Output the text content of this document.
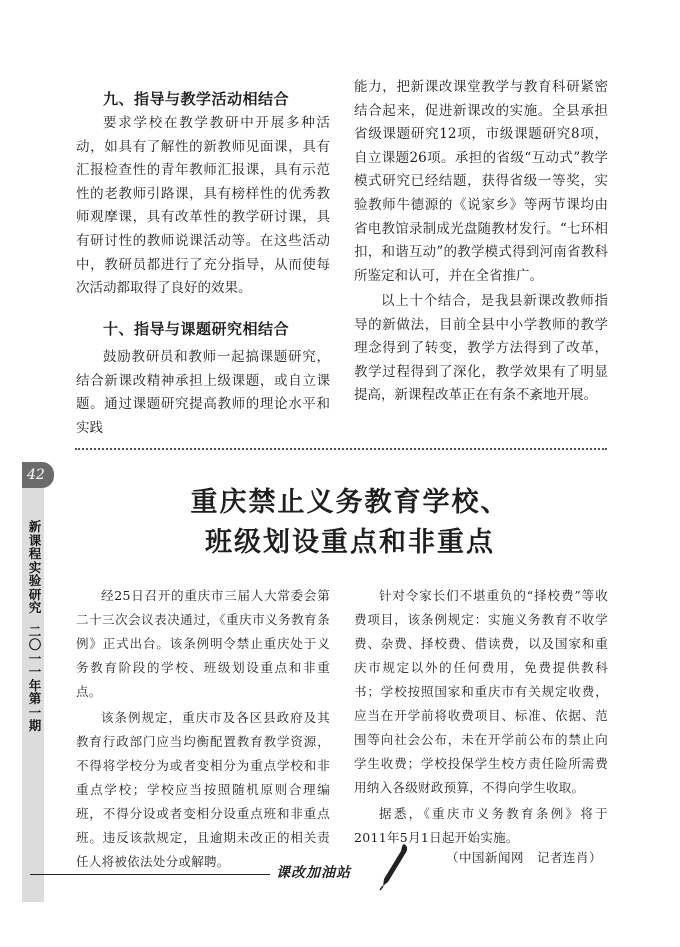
九、指导与教学活动相结合

要求学校在教学教研中开展多种活动，如具有了解性的新教师见面课，具有汇报检查性的青年教师汇报课，具有示范性的老教师引路课，具有榜样性的优秀教师观摩课，具有改革性的教学研讨课，具有研讨性的教师说课活动等。在这些活动中，教研员都进行了充分指导，从而使每次活动都取得了良好的效果。

十、指导与课题研究相结合

鼓励教研员和教师一起搞课题研究，结合新课改精神承担上级课题，或自立课题。通过课题研究提高教师的理论水平和实践

能力，把新课改课堂教学与教育科研紧密结合起来，促进新课改的实施。全县承担省级课题研究12项，市级课题研究8项，自立课题26项。承担的省级“互动式”教学模式研究已经结题，获得省级一等奖，实验教师牛德源的《说家乡》等两节课均由省电教馆录制成光盘随教材发行。“七环相扣，和谐互动”的教学模式得到河南省教科所鉴定和认可，并在全省推广。

以上十个结合，是我县新课改教师指导的新做法，目前全县中小学教师的教学理念得到了转变，教学方法得到了改革，教学过程得到了深化，教学效果有了明显提高，新课程改革正在有条不紊地开展。

42
新
课
程
实
验
研
究

二
〇
一
一
年
第
一
期
重庆禁止义务教育学校、
班级划设重点和非重点

经25日召开的重庆市三届人大常委会第二十三次会议表决通过，《重庆市义务教育条例》正式出台。该条例明令禁止重庆处于义务教育阶段的学校、班级划设重点和非重点。

该条例规定，重庆市及各区县政府及其教育行政部门应当均衡配置教育教学资源，不得将学校分为或者变相分为重点学校和非重点学校；学校应当按照随机原则合理编班，不得分设或者变相分设重点班和非重点班。违反该款规定，且逾期未改正的相关责任人将被依法处分或解聘。

针对令家长们不堪重负的“择校费”等收费项目，该条例规定：实施义务教育不收学费、杂费、择校费、借读费，以及国家和重庆市规定以外的任何费用，免费提供教科书；学校按照国家和重庆市有关规定收费，应当在开学前将收费项目、标准、依据、范围等向社会公布，未在开学前公布的禁止向学生收费；学校投保学生校方责任险所需费用纳入各级财政预算，不得向学生收取。

据悉，《重庆市义务教育条例》将于2011年5月1日起开始实施。

（中国新闻网　记者连肖）

课改加油站
